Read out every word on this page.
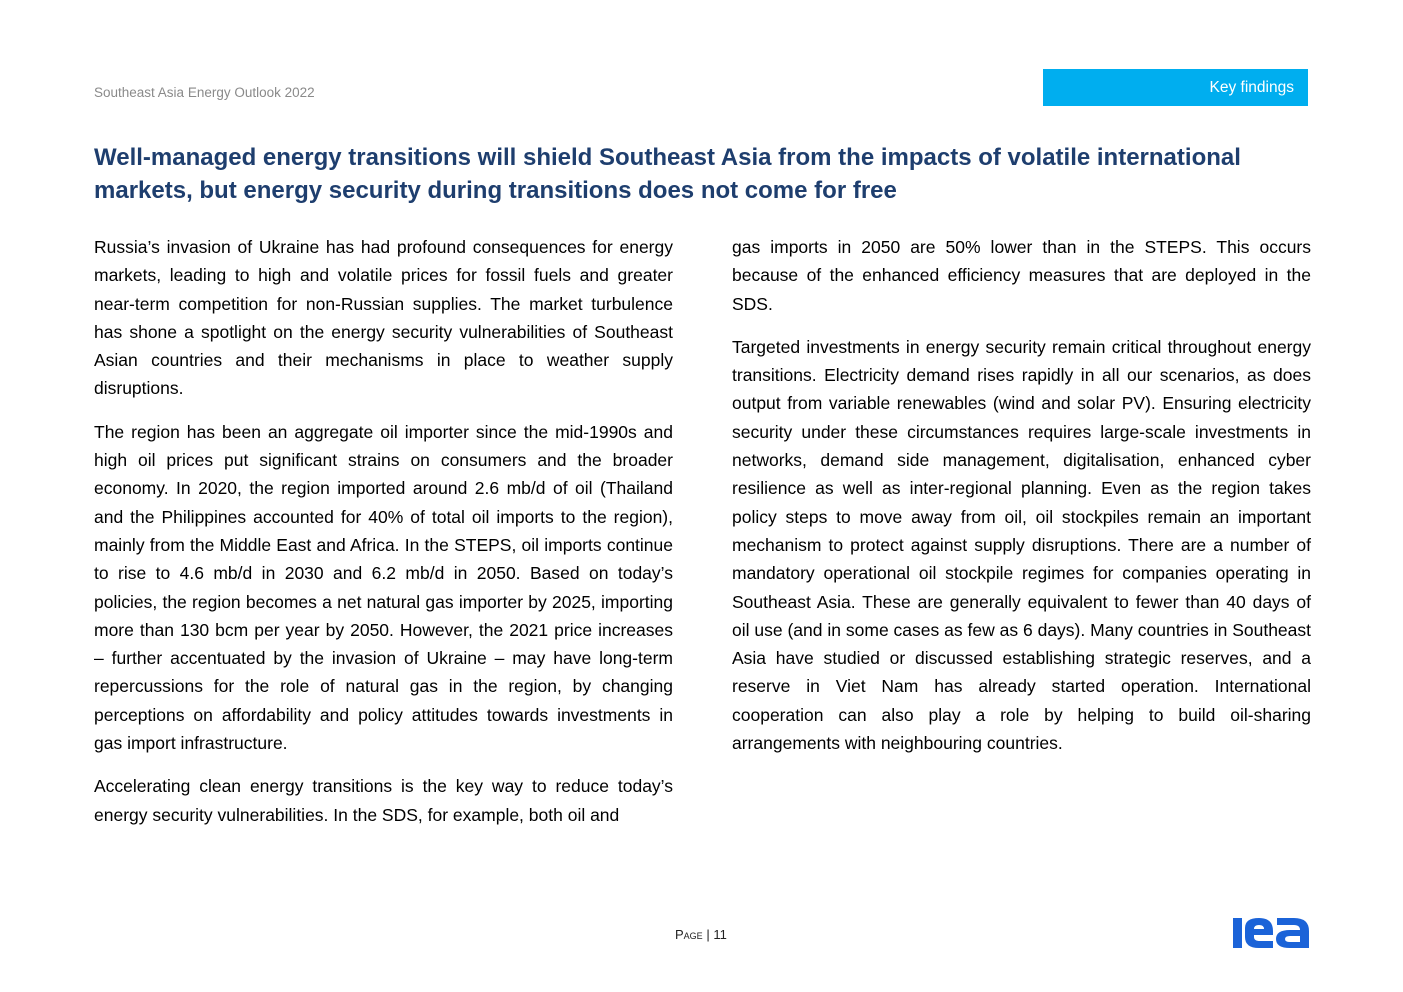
Southeast Asia Energy Outlook 2022	Key findings
Well-managed energy transitions will shield Southeast Asia from the impacts of volatile international markets, but energy security during transitions does not come for free

Russia’s invasion of Ukraine has had profound consequences for energy markets, leading to high and volatile prices for fossil fuels and greater near-term competition for non-Russian supplies. The market turbulence has shone a spotlight on the energy security vulnerabilities of Southeast Asian countries and their mechanisms in place to weather supply disruptions.

The region has been an aggregate oil importer since the mid-1990s and high oil prices put significant strains on consumers and the broader economy. In 2020, the region imported around 2.6 mb/d of oil (Thailand and the Philippines accounted for 40% of total oil imports to the region), mainly from the Middle East and Africa. In the STEPS, oil imports continue to rise to 4.6 mb/d in 2030 and 6.2 mb/d in 2050. Based on today’s policies, the region becomes a net natural gas importer by 2025, importing more than 130 bcm per year by 2050. However, the 2021 price increases – further accentuated by the invasion of Ukraine – may have long-term repercussions for the role of natural gas in the region, by changing perceptions on affordability and policy attitudes towards investments in gas import infrastructure.

Accelerating clean energy transitions is the key way to reduce today’s energy security vulnerabilities. In the SDS, for example, both oil and

gas imports in 2050 are 50% lower than in the STEPS. This occurs because of the enhanced efficiency measures that are deployed in the SDS.

Targeted investments in energy security remain critical throughout energy transitions. Electricity demand rises rapidly in all our scenarios, as does output from variable renewables (wind and solar PV). Ensuring electricity security under these circumstances requires large-scale investments in networks, demand side management, digitalisation, enhanced cyber resilience as well as inter-regional planning. Even as the region takes policy steps to move away from oil, oil stockpiles remain an important mechanism to protect against supply disruptions. There are a number of mandatory operational oil stockpile regimes for companies operating in Southeast Asia. These are generally equivalent to fewer than 40 days of oil use (and in some cases as few as 6 days). Many countries in Southeast Asia have studied or discussed establishing strategic reserves, and a reserve in Viet Nam has already started operation. International cooperation can also play a role by helping to build oil-sharing arrangements with neighbouring countries.

Page | 11
